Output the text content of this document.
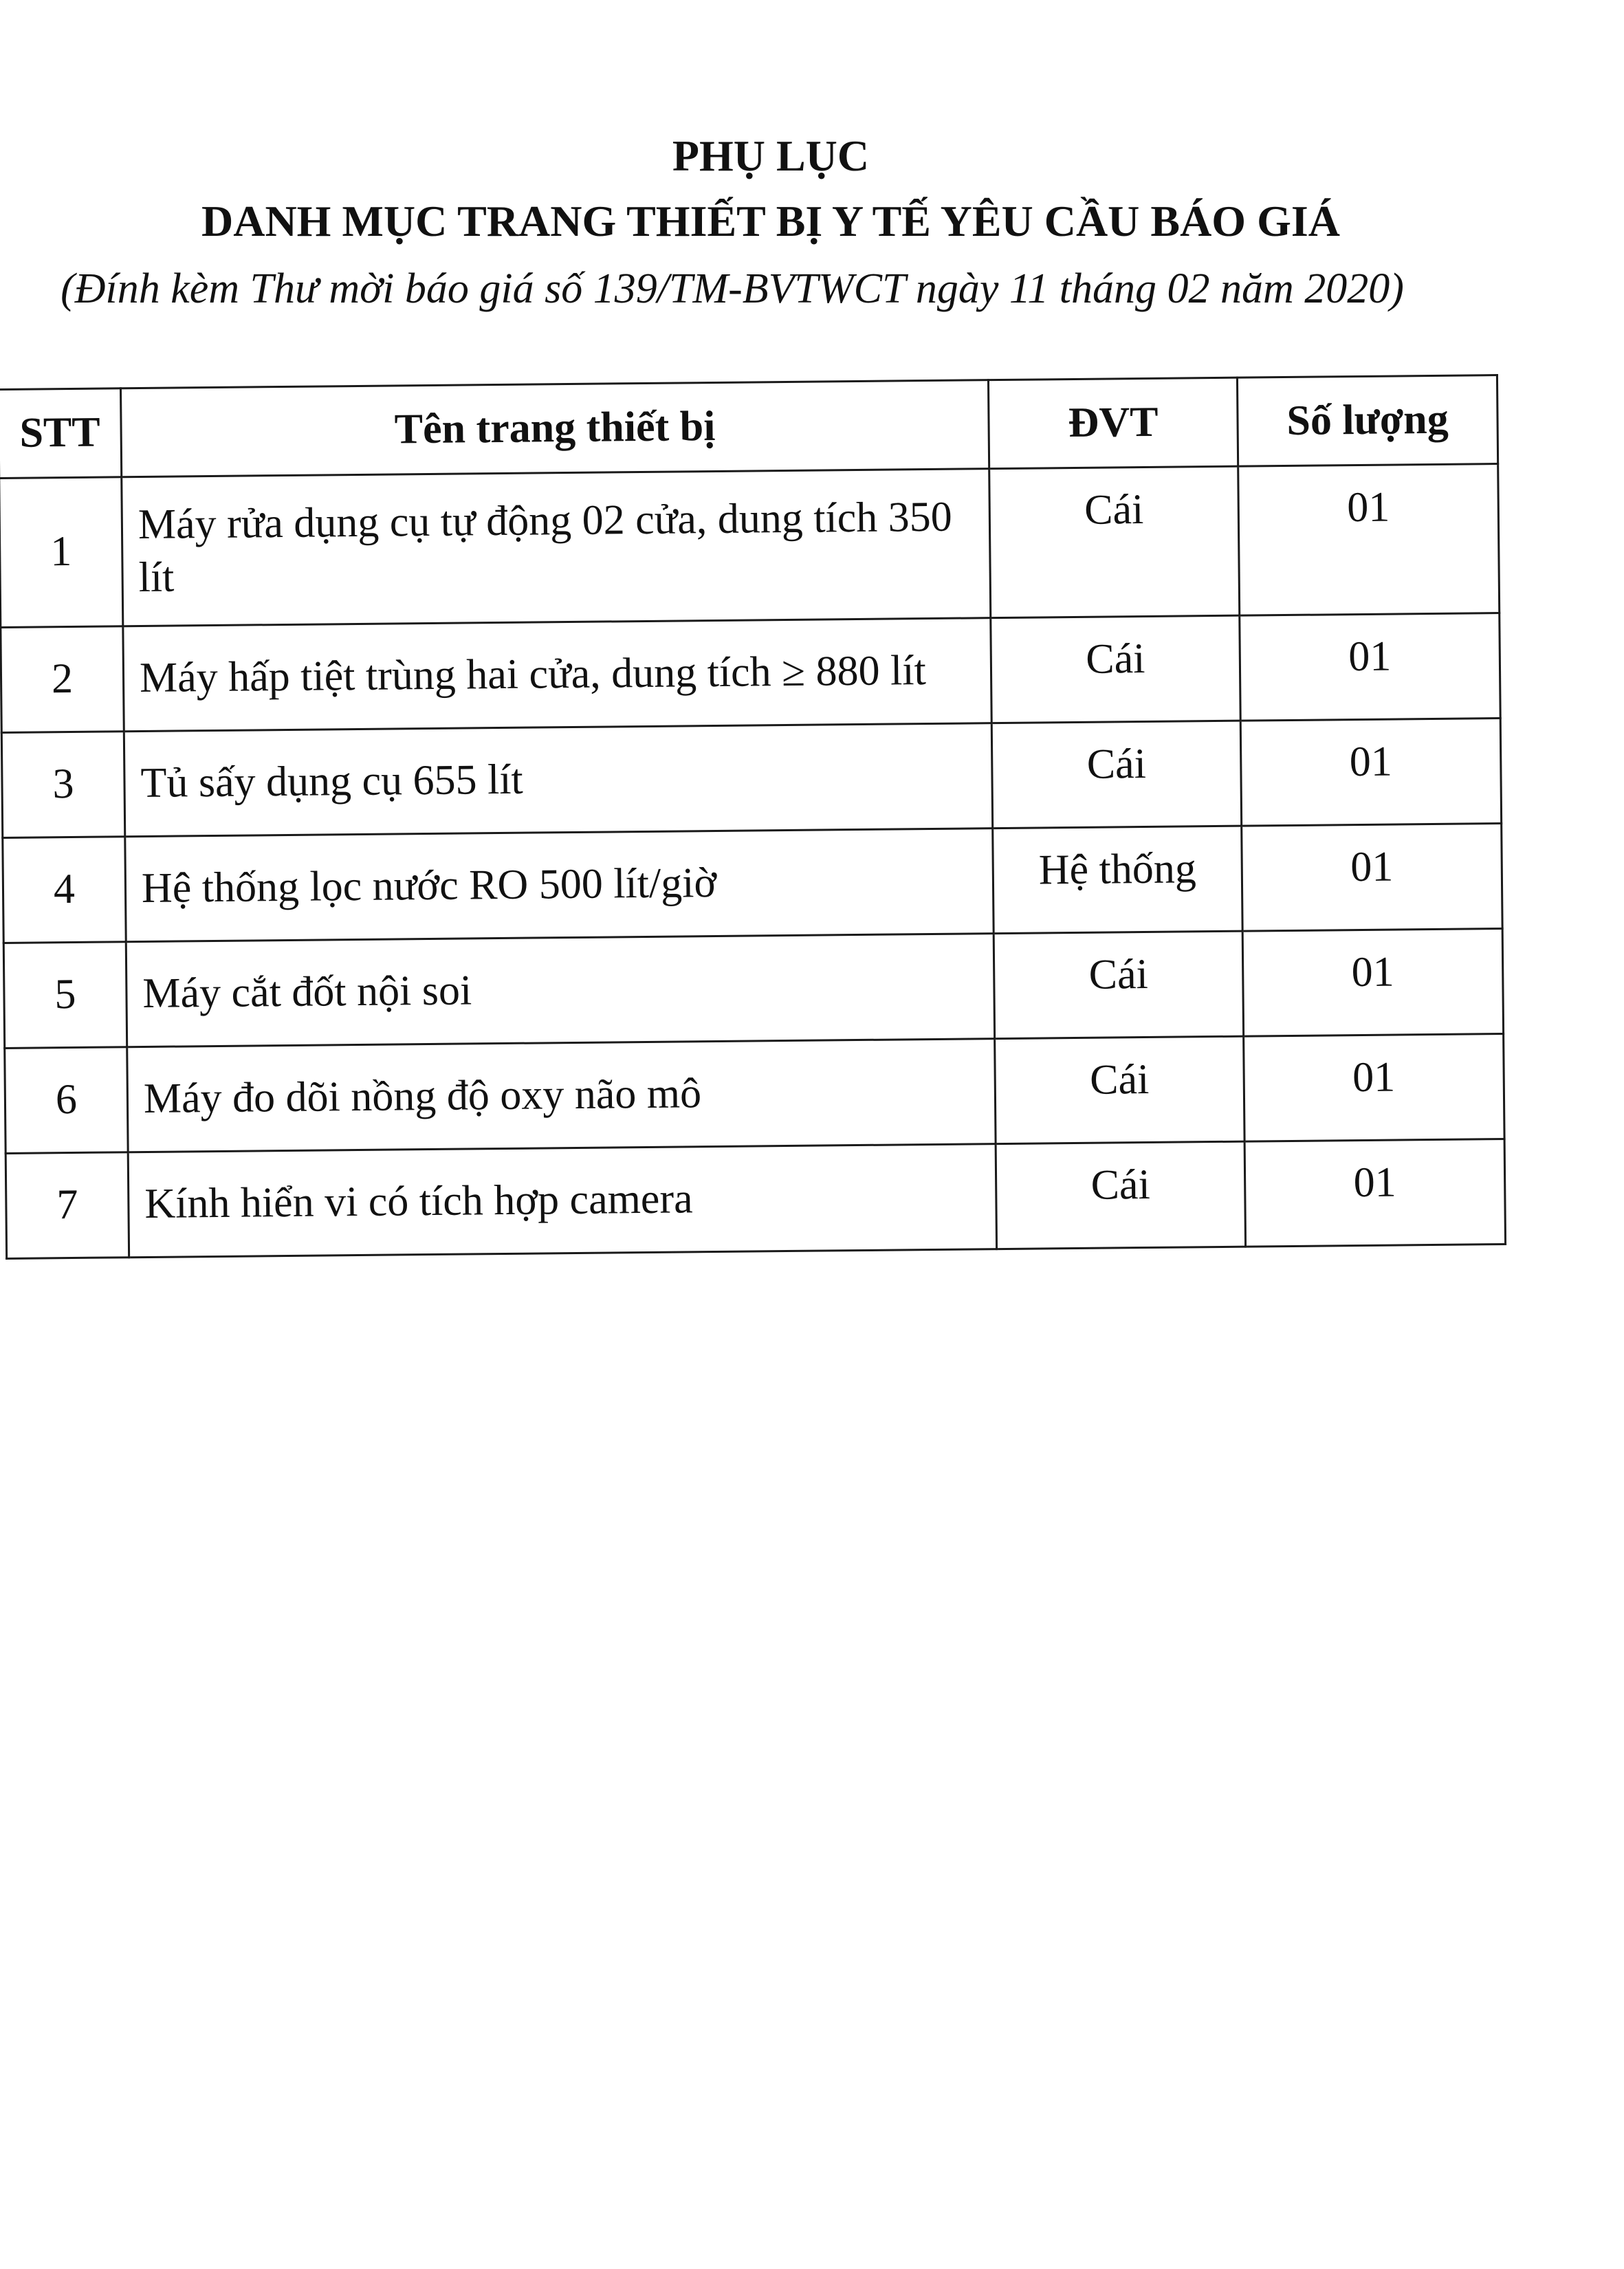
PHỤ LỤC
DANH MỤC TRANG THIẾT BỊ Y TẾ YÊU CẦU BÁO GIÁ
(Đính kèm Thư mời báo giá số 139/TM-BVTWCT ngày 11 tháng 02 năm 2020)
STT	Tên trang thiết bị	ĐVT	Số lượng
1	Máy rửa dụng cụ tự động 02 cửa, dung tích 350 lít	Cái	01
2	Máy hấp tiệt trùng hai cửa, dung tích ≥ 880 lít	Cái	01
3	Tủ sấy dụng cụ 655 lít	Cái	01
4	Hệ thống lọc nước RO 500 lít/giờ	Hệ thống	01
5	Máy cắt đốt nội soi	Cái	01
6	Máy đo dõi nồng độ oxy não mô	Cái	01
7	Kính hiển vi có tích hợp camera	Cái	01
